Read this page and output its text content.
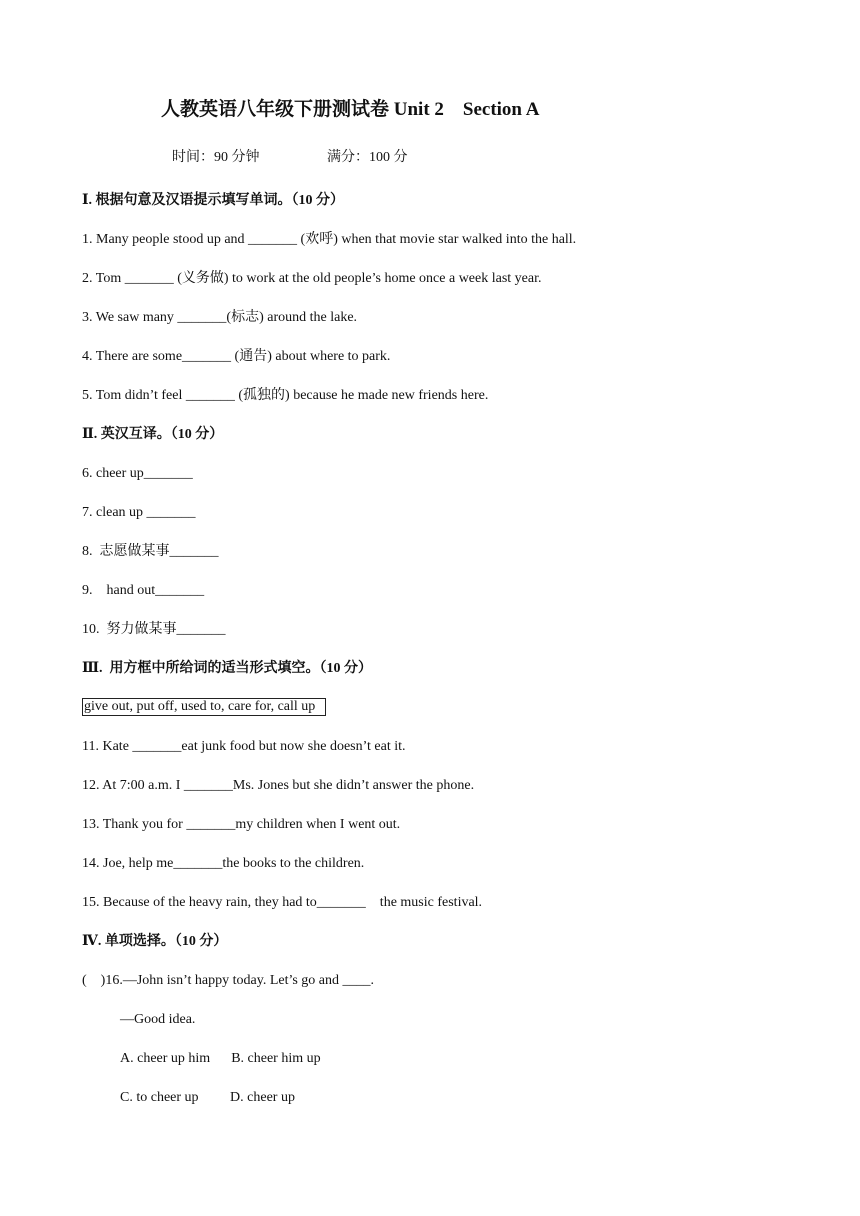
人教英语八年级下册测试卷 Unit 2    Section A
时间：90 分钟	满分：100 分
Ⅰ. 根据句意及汉语提示填写单词。（10 分）
1. Many people stood up and _______ (欢呼) when that movie star walked into the hall.
2. Tom _______ (义务做) to work at the old people’s home once a week last year.
3. We saw many _______(标志) around the lake.
4. There are some_______ (通告) about where to park.
5. Tom didn’t feel _______ (孤独的) because he made new friends here.
Ⅱ. 英汉互译。（10 分）
6. cheer up_______
7. clean up _______
8.  志愿做某事_______
9.    hand out_______
10.  努力做某事_______
Ⅲ.  用方框中所给词的适当形式填空。（10 分）
give out, put off, used to, care for, call up
11. Kate _______eat junk food but now she doesn’t eat it.
12. At 7:00 a.m. I _______Ms. Jones but she didn’t answer the phone.
13. Thank you for _______my children when I went out.
14. Joe, help me_______the books to the children.
15. Because of the heavy rain, they had to_______    the music festival.
Ⅳ. 单项选择。（10 分）
(    )16.—John isn’t happy today. Let’s go and ____.
—Good idea.
A. cheer up him      B. cheer him up
C. to cheer up         D. cheer up
